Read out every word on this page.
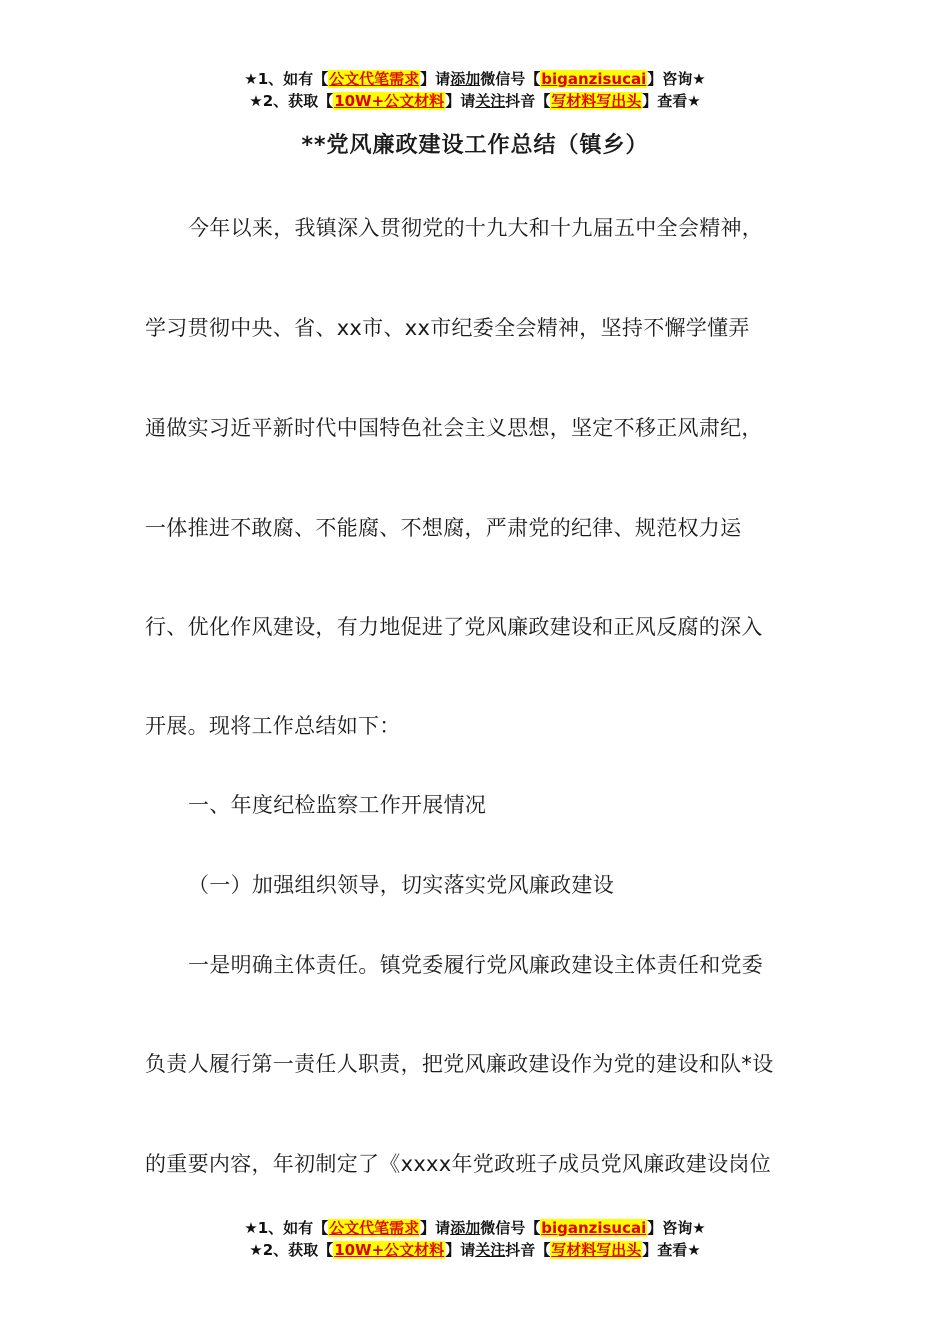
★1、如有【公文代笔需求】请添加微信号【biganzisucai】咨询★
★2、获取【10W+公文材料】请关注抖音【写材料写出头】查看★
**党风廉政建设工作总结（镇乡）
今年以来，我镇深入贯彻党的十九大和十九届五中全会精神，
学习贯彻中央、省、xx市、xx市纪委全会精神，坚持不懈学懂弄
通做实习近平新时代中国特色社会主义思想，坚定不移正风肃纪，
一体推进不敢腐、不能腐、不想腐，严肃党的纪律、规范权力运
行、优化作风建设，有力地促进了党风廉政建设和正风反腐的深入
开展。现将工作总结如下：
一、年度纪检监察工作开展情况
（一）加强组织领导，切实落实党风廉政建设
一是明确主体责任。镇党委履行党风廉政建设主体责任和党委
负责人履行第一责任人职责，把党风廉政建设作为党的建设和队*设
的重要内容，年初制定了《xxxx年党政班子成员党风廉政建设岗位
★1、如有【公文代笔需求】请添加微信号【biganzisucai】咨询★
★2、获取【10W+公文材料】请关注抖音【写材料写出头】查看★
